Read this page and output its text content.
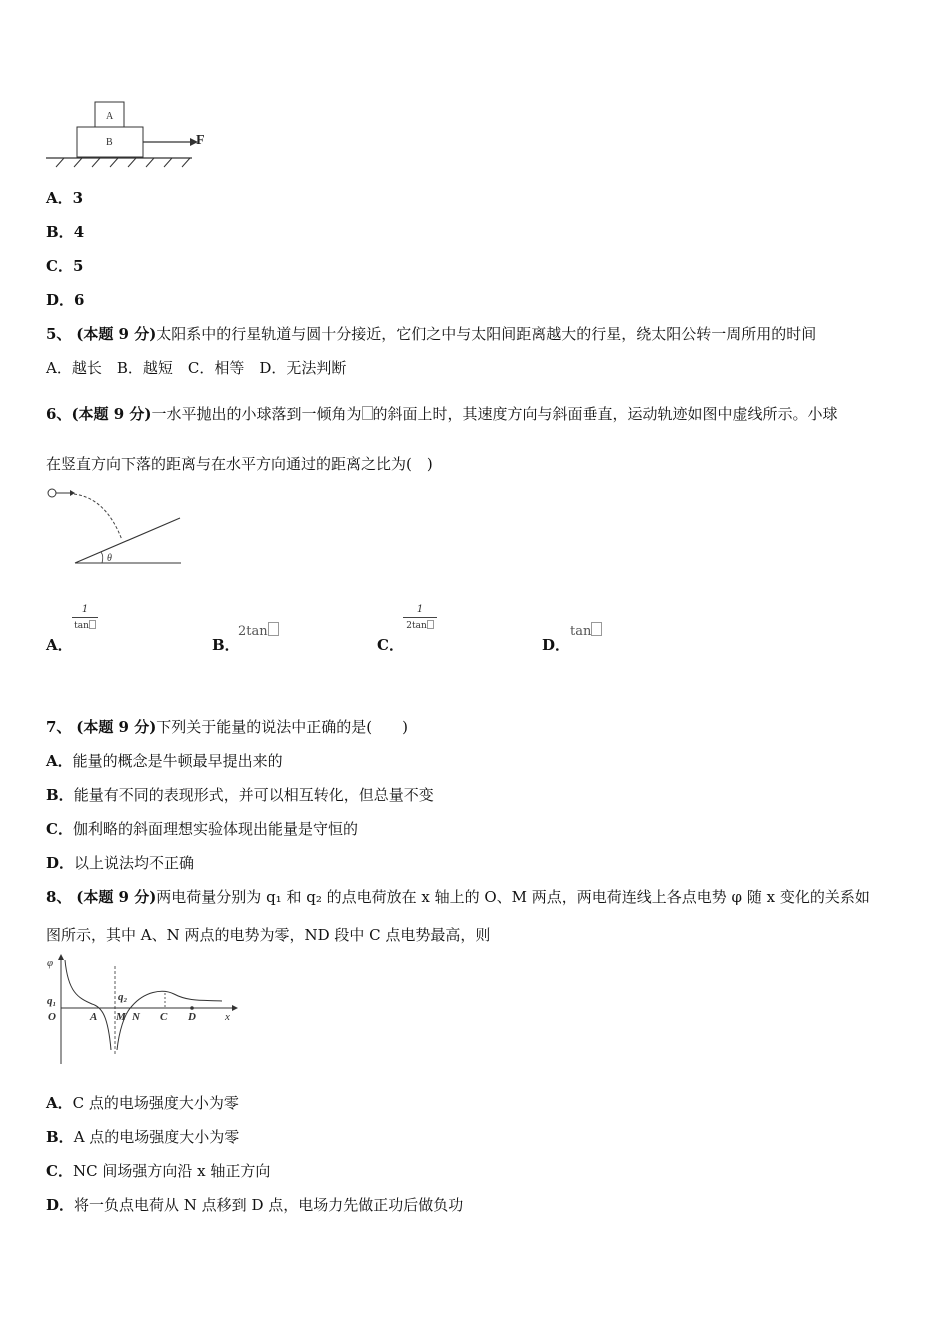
A
B	F
A．3
B．4
C．5
D．6
5、 (本题 9 分)太阳系中的行星轨道与圆十分接近，它们之中与太阳间距离越大的行星，绕太阳公转一周所用的时间
A．越长　B．越短　C．相等　D．无法判断
6、(本题 9 分)一水平抛出的小球落到一倾角为 的斜面上时，其速度方向与斜面垂直，运动轨迹如图中虚线所示。小球
在竖直方向下落的距离与在水平方向通过的距离之比为(　)
θ
A．
1
tan
B．
2tan
C．
1
2tan
D．
tan
7、 (本题 9 分)下列关于能量的说法中正确的是(　　)
A．能量的概念是牛顿最早提出来的
B．能量有不同的表现形式，并可以相互转化，但总量不变
C．伽利略的斜面理想实验体现出能量是守恒的
D．以上说法均不正确
8、 (本题 9 分)两电荷量分别为 q₁ 和 q₂ 的点电荷放在 x 轴上的 O、M 两点，两电荷连线上各点电势 φ 随 x 变化的关系如
图所示，其中 A、N 两点的电势为零，ND 段中 C 点电势最高，则
φ
q₁	q₂
O	A M N C D	x
A．C 点的电场强度大小为零
B．A 点的电场强度大小为零
C．NC 间场强方向沿 x 轴正方向
D．将一负点电荷从 N 点移到 D 点，电场力先做正功后做负功
